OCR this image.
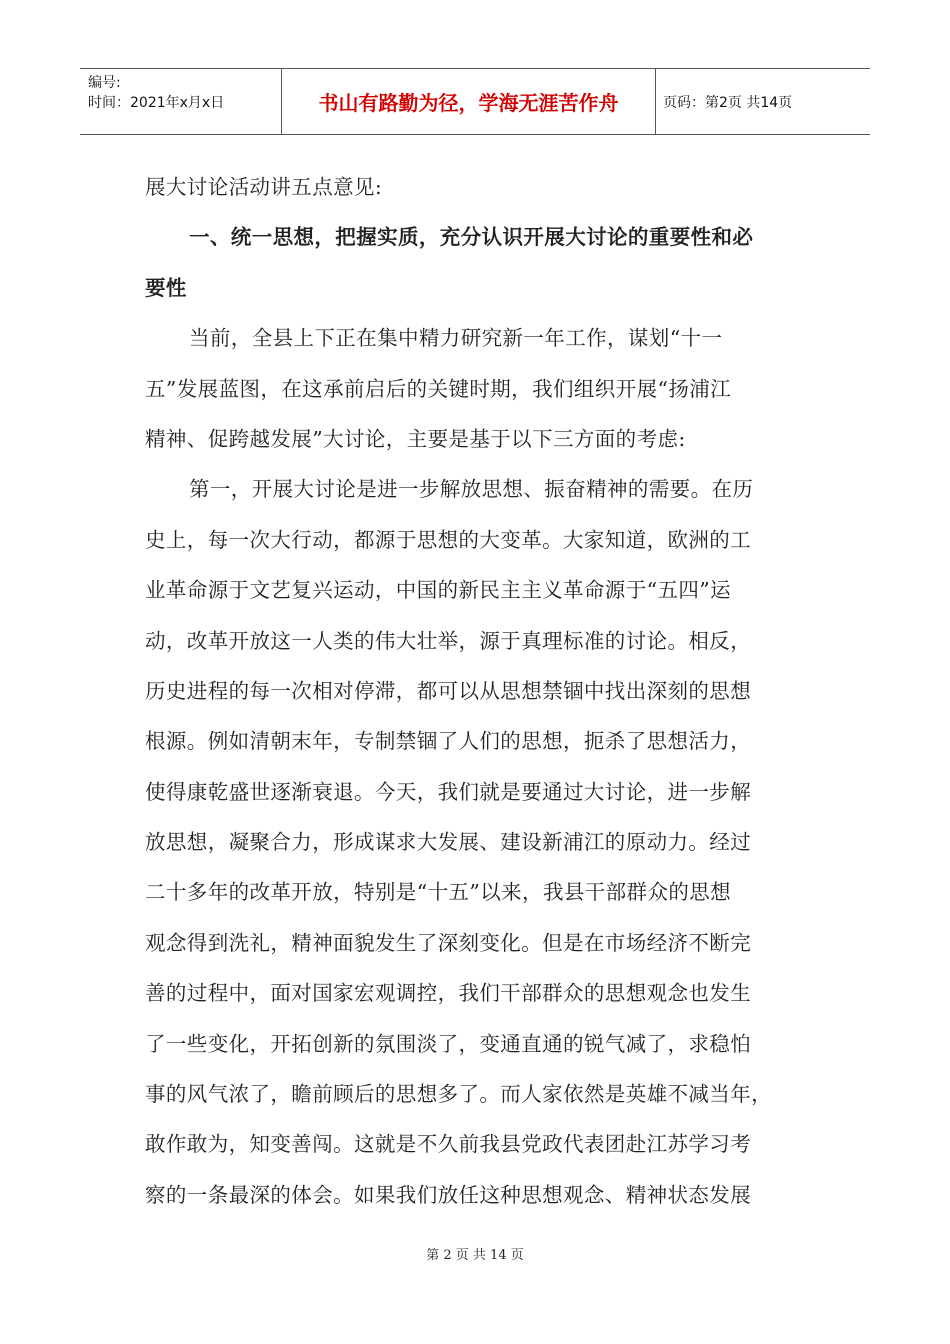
编号:
时间：2021年x月x日	书山有路勤为径，学海无涯苦作舟	页码：第2页 共14页
展大讨论活动讲五点意见:
一、统一思想，把握实质，充分认识开展大讨论的重要性和必
要性
当前，全县上下正在集中精力研究新一年工作，谋划“十一
五”发展蓝图，在这承前启后的关键时期，我们组织开展“扬浦江
精神、促跨越发展”大讨论，主要是基于以下三方面的考虑:
第一，开展大讨论是进一步解放思想、振奋精神的需要。在历
史上，每一次大行动，都源于思想的大变革。大家知道，欧洲的工
业革命源于文艺复兴运动，中国的新民主主义革命源于“五四”运
动，改革开放这一人类的伟大壮举，源于真理标准的讨论。相反，
历史进程的每一次相对停滞，都可以从思想禁锢中找出深刻的思想
根源。例如清朝末年，专制禁锢了人们的思想，扼杀了思想活力，
使得康乾盛世逐渐衰退。今天，我们就是要通过大讨论，进一步解
放思想，凝聚合力，形成谋求大发展、建设新浦江的原动力。经过
二十多年的改革开放，特别是“十五”以来，我县干部群众的思想
观念得到洗礼，精神面貌发生了深刻变化。但是在市场经济不断完
善的过程中，面对国家宏观调控，我们干部群众的思想观念也发生
了一些变化，开拓创新的氛围淡了，变通直通的锐气减了，求稳怕
事的风气浓了，瞻前顾后的思想多了。而人家依然是英雄不减当年，
敢作敢为，知变善闯。这就是不久前我县党政代表团赴江苏学习考
察的一条最深的体会。如果我们放任这种思想观念、精神状态发展
第 2 页 共 14 页
